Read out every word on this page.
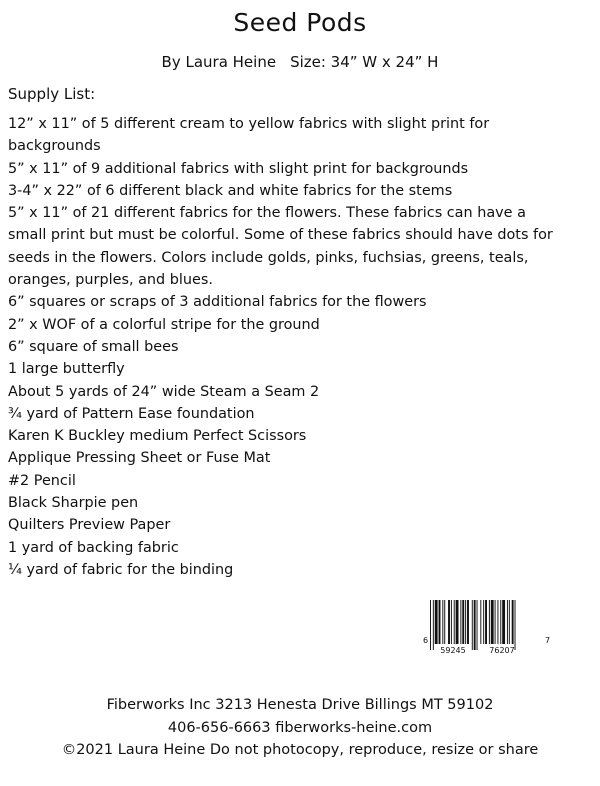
Seed Pods
By Laura Heine Size: 34” W x 24” H
Supply List:
12” x 11” of 5 different cream to yellow fabrics with slight print for backgrounds
5” x 11” of 9 additional fabrics with slight print for backgrounds
3-4” x 22” of 6 different black and white fabrics for the stems
5” x 11” of 21 different fabrics for the flowers. These fabrics can have a small print but must be colorful. Some of these fabrics should have dots for seeds in the flowers. Colors include golds, pinks, fuchsias, greens, teals, oranges, purples, and blues.
6” squares or scraps of 3 additional fabrics for the flowers
2” x WOF of a colorful stripe for the ground
6” square of small bees
1 large butterfly
About 5 yards of 24” wide Steam a Seam 2
¾ yard of Pattern Ease foundation
Karen K Buckley medium Perfect Scissors
Applique Pressing Sheet or Fuse Mat
#2 Pencil
Black Sharpie pen
Quilters Preview Paper
1 yard of backing fabric
¼ yard of fabric for the binding
6
59245	76207
7
Fiberworks Inc 3213 Henesta Drive Billings MT 59102
406-656-6663 fiberworks-heine.com
©2021 Laura Heine Do not photocopy, reproduce, resize or share
